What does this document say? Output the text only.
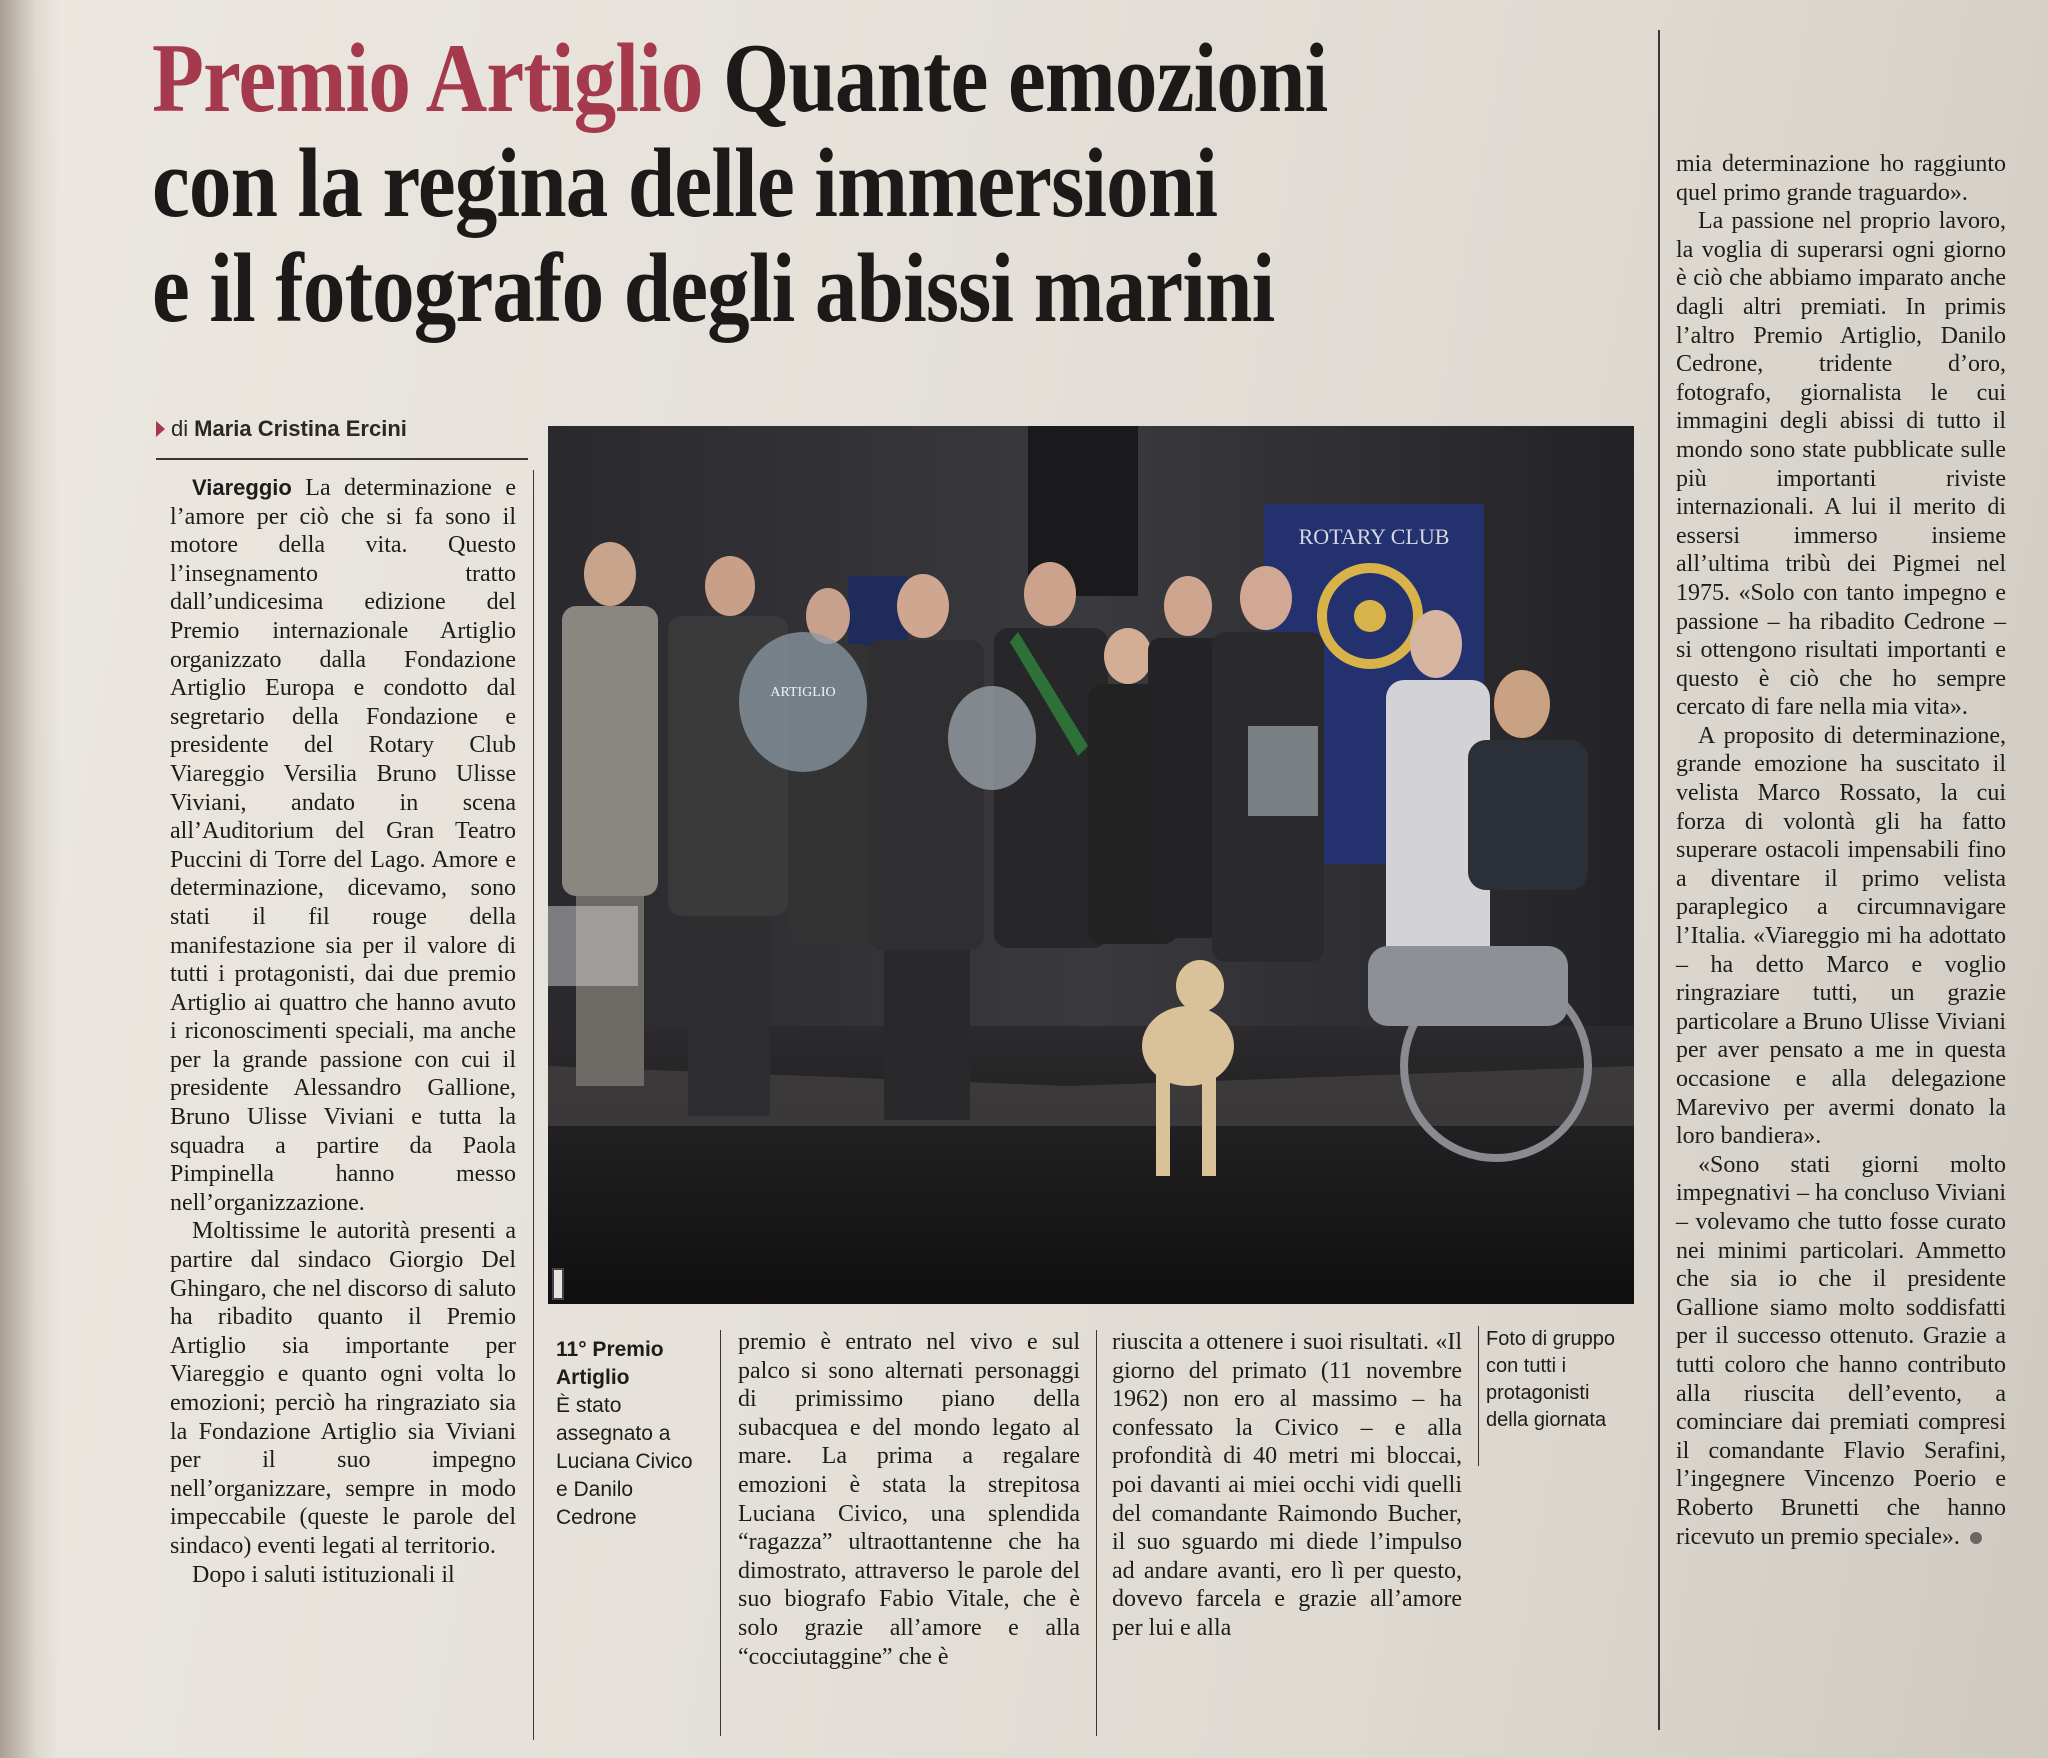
Premio Artiglio Quante emozioni
con la regina delle immersioni
e il fotografo degli abissi marini
di Maria Cristina Ercini

Viareggio La determinazione e l’amore per ciò che si fa sono il motore della vita. Questo l’insegnamento tratto dall’undicesima edizione del Premio internazionale Artiglio organizzato dalla Fondazione Artiglio Europa e condotto dal segretario della Fondazione e presidente del Rotary Club Viareggio Versilia Bruno Ulisse Viviani, andato in scena all’Auditorium del Gran Teatro Puccini di Torre del Lago. Amore e determinazione, dicevamo, sono stati il fil rouge della manifestazione sia per il valore di tutti i protagonisti, dai due premio Artiglio ai quattro che hanno avuto i riconoscimenti speciali, ma anche per la grande passione con cui il presidente Alessandro Gallione, Bruno Ulisse Viviani e tutta la squadra a partire da Paola Pimpinella hanno messo nell’organizzazione.

Moltissime le autorità presenti a partire dal sindaco Giorgio Del Ghingaro, che nel discorso di saluto ha ribadito quanto il Premio Artiglio sia importante per Viareggio e quanto ogni volta lo emozioni; perciò ha ringraziato sia la Fondazione Artiglio sia Viviani per il suo impegno nell’organizzare, sempre in modo impeccabile (queste le parole del sindaco) eventi legati al territorio.

Dopo i saluti istituzionali il

ROTARY CLUB
ARTIGLIO
11° Premio Artiglio
È stato assegnato a Luciana Civico e Danilo Cedrone

premio è entrato nel vivo e sul palco si sono alternati personaggi di primissimo piano della subacquea e del mondo legato al mare. La prima a regalare emozioni è stata la strepitosa Luciana Civico, una splendida “ragazza” ultraottantenne che ha dimostrato, attraverso le parole del suo biografo Fabio Vitale, che è solo grazie all’amore e alla “cocciutaggine” che è

riuscita a ottenere i suoi risultati. «Il giorno del primato (11 novembre 1962) non ero al massimo – ha confessato la Civico – e alla profondità di 40 metri mi bloccai, poi davanti ai miei occhi vidi quelli del comandante Raimondo Bucher, il suo sguardo mi diede l’impulso ad andare avanti, ero lì per questo, dovevo farcela e grazie all’amore per lui e alla

Foto di gruppo con tutti i protagonisti della giornata

mia determinazione ho raggiunto quel primo grande traguardo».

La passione nel proprio lavoro, la voglia di superarsi ogni giorno è ciò che abbiamo imparato anche dagli altri premiati. In primis l’altro Premio Artiglio, Danilo Cedrone, tridente d’oro, fotografo, giornalista le cui immagini degli abissi di tutto il mondo sono state pubblicate sulle più importanti riviste internazionali. A lui il merito di essersi immerso insieme all’ultima tribù dei Pigmei nel 1975. «Solo con tanto impegno e passione – ha ribadito Cedrone – si ottengono risultati importanti e questo è ciò che ho sempre cercato di fare nella mia vita».

A proposito di determinazione, grande emozione ha suscitato il velista Marco Rossato, la cui forza di volontà gli ha fatto superare ostacoli impensabili fino a diventare il primo velista paraplegico a circumnavigare l’Italia. «Viareggio mi ha adottato – ha detto Marco e voglio ringraziare tutti, un grazie particolare a Bruno Ulisse Viviani per aver pensato a me in questa occasione e alla delegazione Marevivo per avermi donato la loro bandiera».

«Sono stati giorni molto impegnativi – ha concluso Viviani – volevamo che tutto fosse curato nei minimi particolari. Ammetto che sia io che il presidente Gallione siamo molto soddisfatti per il successo ottenuto. Grazie a tutti coloro che hanno contributo alla riuscita dell’evento, a cominciare dai premiati compresi il comandante Flavio Serafini, l’ingegnere Vincenzo Poerio e Roberto Brunetti che hanno ricevuto un premio speciale».
